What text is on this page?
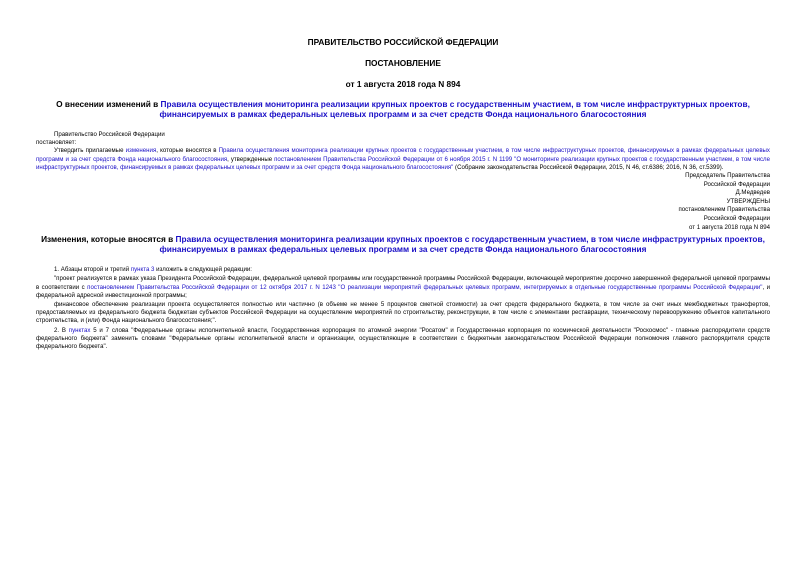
ПРАВИТЕЛЬСТВО РОССИЙСКОЙ ФЕДЕРАЦИИ
ПОСТАНОВЛЕНИЕ
от 1 августа 2018 года N 894
О внесении изменений в Правила осуществления мониторинга реализации крупных проектов с государственным участием, в том числе инфраструктурных проектов, финансируемых в рамках федеральных целевых программ и за счет средств Фонда национального благосостояния

Правительство Российской Федерации

постановляет:

Утвердить прилагаемые изменения, которые вносятся в Правила осуществления мониторинга реализации крупных проектов с государственным участием, в том числе инфраструктурных проектов, финансируемых в рамках федеральных целевых программ и за счет средств Фонда национального благосостояния, утвержденные постановлением Правительства Российской Федерации от 6 ноября 2015 г. N 1199 "О мониторинге реализации крупных проектов с государственным участием, в том числе инфраструктурных проектов, финансируемых в рамках федеральных целевых программ и за счет средств Фонда национального благосостояния" (Собрание законодательства Российской Федерации, 2015, N 46, ст.6386; 2016, N 36, ст.5399).

Председатель Правительства
Российской Федерации
Д.Медведев
УТВЕРЖДЕНЫ
постановлением Правительства
Российской Федерации
от 1 августа 2018 года N 894
Изменения, которые вносятся в Правила осуществления мониторинга реализации крупных проектов с государственным участием, в том числе инфраструктурных проектов, финансируемых в рамках федеральных целевых программ и за счет средств Фонда национального благосостояния

1. Абзацы второй и третий пункта 3 изложить в следующей редакции:

"проект реализуется в рамках указа Президента Российской Федерации, федеральной целевой программы или государственной программы Российской Федерации, включающей мероприятие досрочно завершенной федеральной целевой программы в соответствии с постановлением Правительства Российской Федерации от 12 октября 2017 г. N 1243 "О реализации мероприятий федеральных целевых программ, интегрируемых в отдельные государственные программы Российской Федерации", и федеральной адресной инвестиционной программы;

финансовое обеспечение реализации проекта осуществляется полностью или частично (в объеме не менее 5 процентов сметной стоимости) за счет средств федерального бюджета, в том числе за счет иных межбюджетных трансфертов, предоставляемых из федерального бюджета бюджетам субъектов Российской Федерации на осуществление мероприятий по строительству, реконструкции, в том числе с элементами реставрации, техническому перевооружению объектов капитального строительства, и (или) Фонда национального благосостояния;".

2. В пунктах 5 и 7 слова "Федеральные органы исполнительной власти, Государственная корпорация по атомной энергии "Росатом" и Государственная корпорация по космической деятельности "Роскосмос" - главные распорядители средств федерального бюджета" заменить словами "Федеральные органы исполнительной власти и организации, осуществляющие в соответствии с бюджетным законодательством Российской Федерации полномочия главного распорядителя средств федерального бюджета".
